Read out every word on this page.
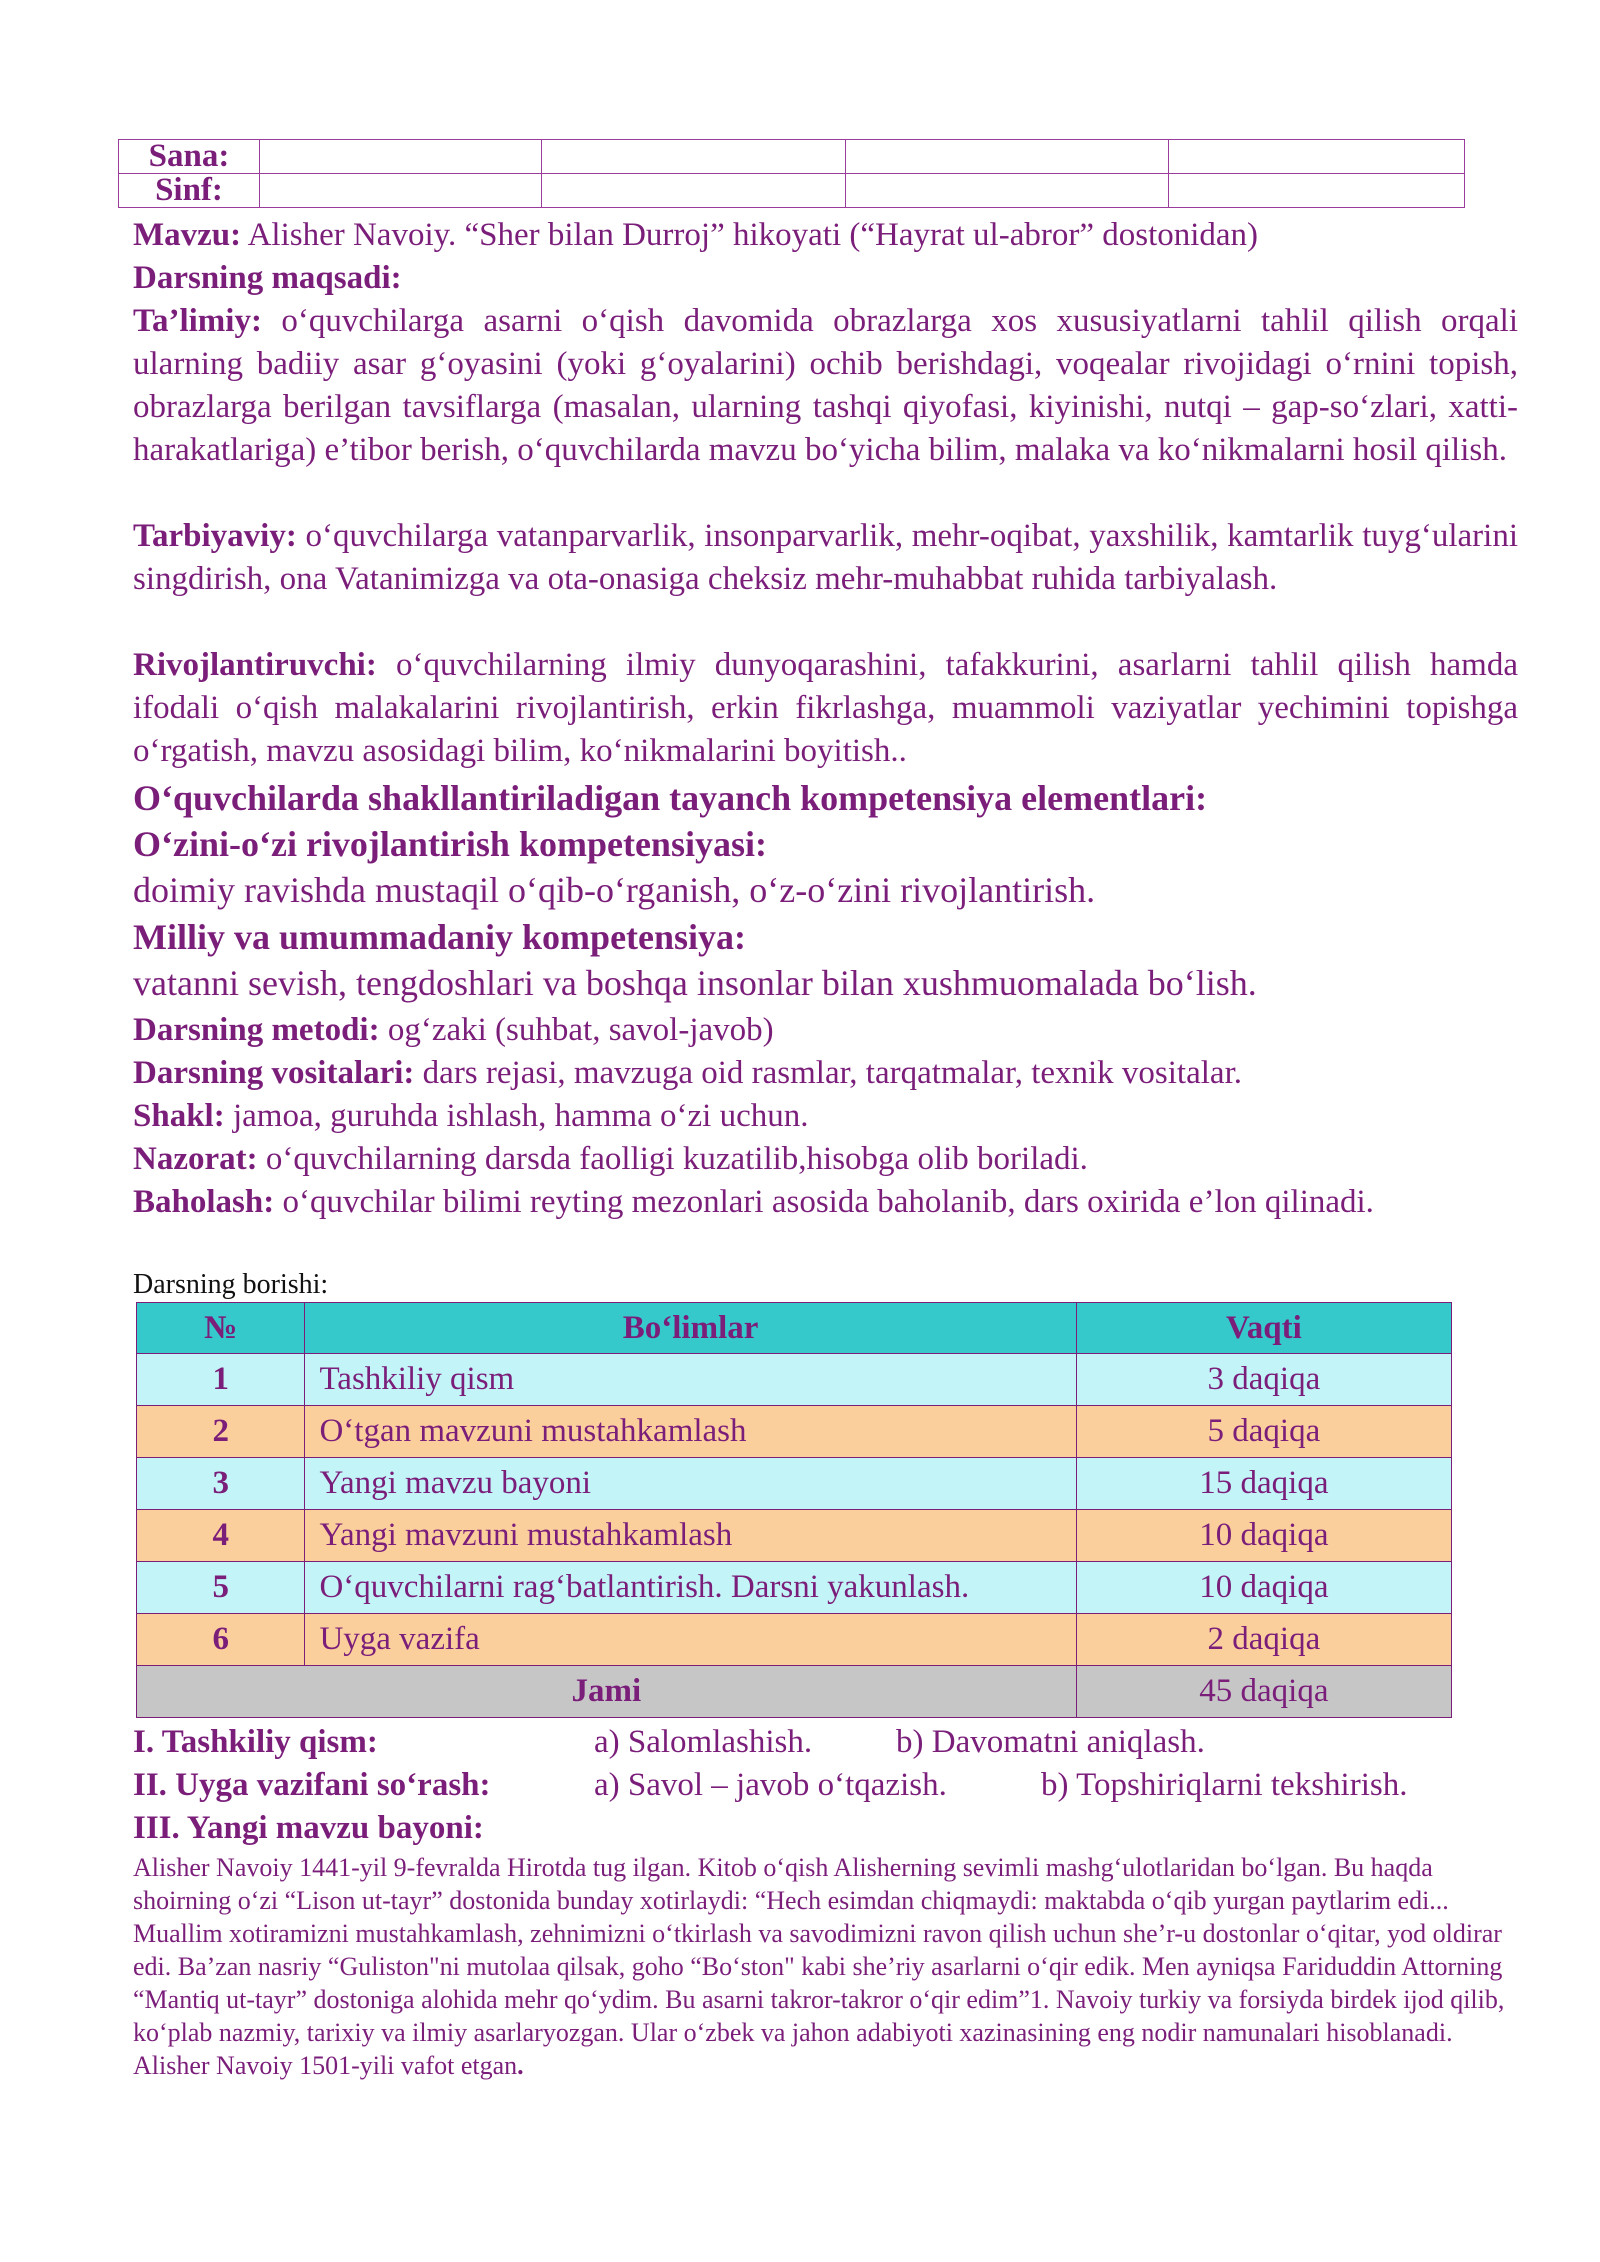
Sana:				
Sinf:				

Mavzu: Alisher Navoiy. “Sher bilan Durroj” hikoyati (“Hayrat ul-abror” dostonidan)

Darsning maqsadi:

Ta’limiy: o‘quvchilarga asarni o‘qish davomida obrazlarga xos xususiyatlarni tahlil qilish orqali ularning badiiy asar g‘oyasini (yoki g‘oyalarini) ochib berishdagi, voqealar rivojidagi o‘rnini topish, obrazlarga berilgan tavsiflarga (masalan, ularning tashqi qiyofasi, kiyinishi, nutqi – gap-so‘zlari, xatti-harakatlariga) e’tibor berish, o‘quvchilarda mavzu bo‘yicha bilim, malaka va ko‘nikmalarni hosil qilish.

Tarbiyaviy: o‘quvchilarga vatanparvarlik, insonparvarlik, mehr-oqibat, yaxshilik, kamtarlik tuyg‘ularini singdirish, ona Vatanimizga va ota-onasiga cheksiz mehr-muhabbat ruhida tarbiyalash.

Rivojlantiruvchi: o‘quvchilarning ilmiy dunyoqarashini, tafakkurini, asarlarni tahlil qilish hamda ifodali o‘qish malakalarini rivojlantirish, erkin fikrlashga, muammoli vaziyatlar yechimini topishga o‘rgatish, mavzu asosidagi bilim, ko‘nikmalarini boyitish..

O‘quvchilarda shakllantiriladigan tayanch kompetensiya elementlari:

O‘zini-o‘zi rivojlantirish kompetensiyasi:

doimiy ravishda mustaqil o‘qib-o‘rganish, o‘z-o‘zini rivojlantirish.

Milliy va umummadaniy kompetensiya:

vatanni sevish, tengdoshlari va boshqa insonlar bilan xushmuomalada bo‘lish.

Darsning metodi: og‘zaki (suhbat, savol-javob)

Darsning vositalari: dars rejasi, mavzuga oid rasmlar, tarqatmalar, texnik vositalar.

Shakl: jamoa, guruhda ishlash, hamma o‘zi uchun.

Nazorat: o‘quvchilarning darsda faolligi kuzatilib,hisobga olib boriladi.

Baholash: o‘quvchilar bilimi reyting mezonlari asosida baholanib, dars oxirida e’lon qilinadi.

Darsning borishi:

№	Bo‘limlar	Vaqti
1	Tashkiliy qism	3 daqiqa
2	O‘tgan mavzuni mustahkamlash	5 daqiqa
3	Yangi mavzu bayoni	15 daqiqa
4	Yangi mavzuni mustahkamlash	10 daqiqa
5	O‘quvchilarni rag‘batlantirish. Darsni yakunlash.	10 daqiqa
6	Uyga vazifa	2 daqiqa
Jami		45 daqiqa
I. Tashkiliy qism:	a) Salomlashish.	b) Davomatni aniqlash.
II. Uyga vazifani so‘rash:	a) Savol – javob o‘tqazish.	b) Topshiriqlarni tekshirish.

III. Yangi mavzu bayoni:

Alisher Navoiy 1441-yil 9-fevralda Hirotda tug ilgan. Kitob o‘qish Alisherning sevimli mashg‘ulotlaridan bo‘lgan. Bu haqda shoirning o‘zi “Lison ut-tayr” dostonida bunday xotirlaydi: “Hech esimdan chiqmaydi: maktabda o‘qib yurgan paytlarim edi... Muallim xotiramizni mustahkamlash, zehnimizni o‘tkirlash va savodimizni ravon qilish uchun she’r-u dostonlar o‘qitar, yod oldirar edi. Ba’zan nasriy “Guliston"ni mutolaa qilsak, goho “Bo‘ston" kabi she’riy asarlarni o‘qir edik. Men ayniqsa Fariduddin Attorning “Mantiq ut-tayr” dostoniga alohida mehr qo‘ydim. Bu asarni takror-takror o‘qir edim”1. Navoiy turkiy va forsiyda birdek ijod qilib, ko‘plab nazmiy, tarixiy va ilmiy asarlaryozgan. Ular o‘zbek va jahon adabiyoti xazinasining eng nodir namunalari hisoblanadi. Alisher Navoiy 1501-yili vafot etgan.
